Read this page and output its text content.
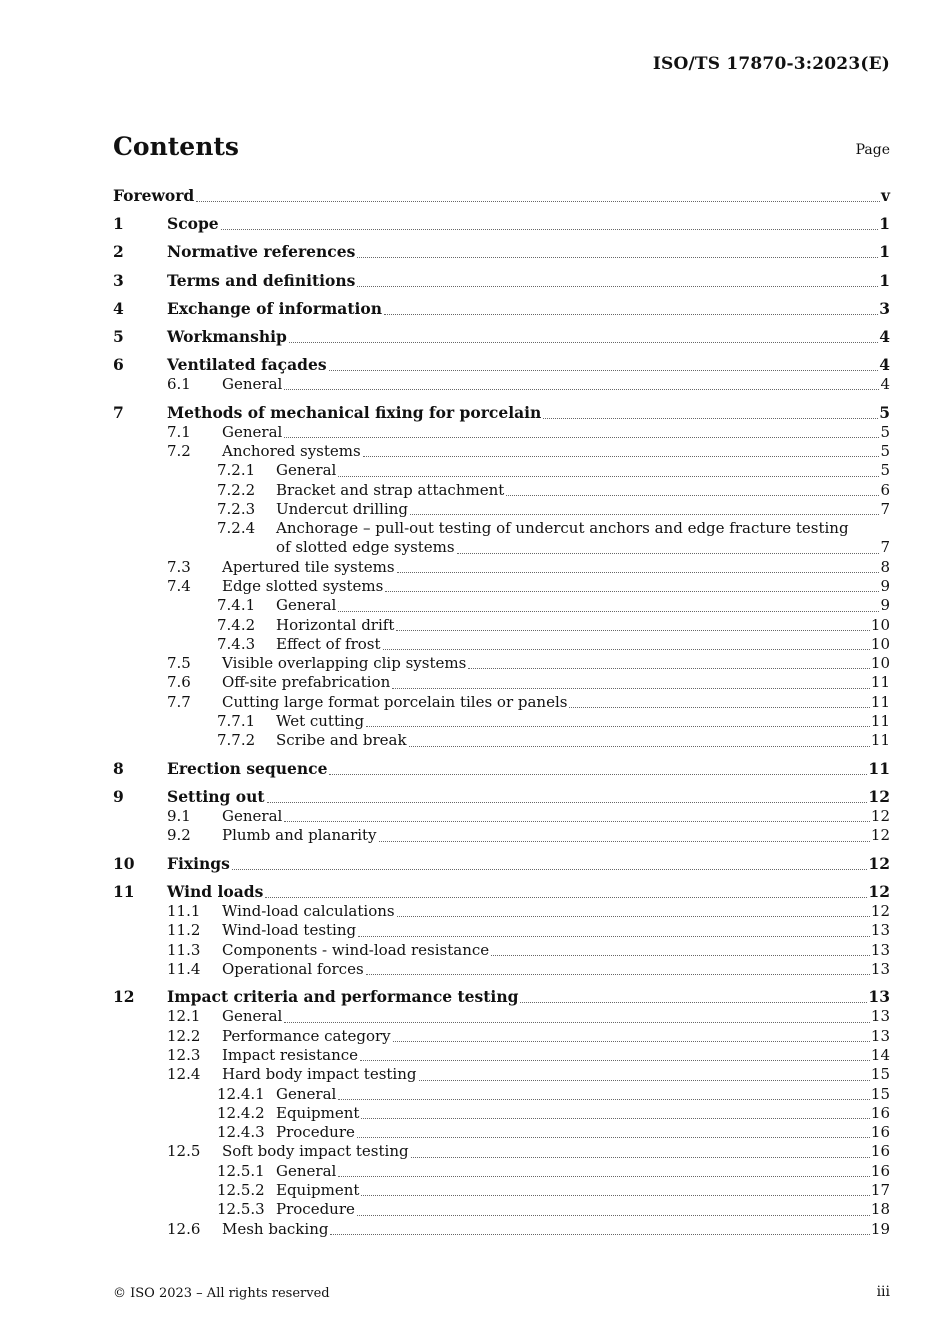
ISO/TS 17870-3:2023(E)
Contents	Page
Foreword	v
1	Scope	1
2	Normative references	1
3	Terms and definitions	1
4	Exchange of information	3
5	Workmanship	4
6	Ventilated façades	4
6.1	General	4
7	Methods of mechanical fixing for porcelain	5
7.1	General	5
7.2	Anchored systems	5
7.2.1	General	5
7.2.2	Bracket and strap attachment	6
7.2.3	Undercut drilling	7
7.2.4	Anchorage – pull-out testing of undercut anchors and edge fracture testing
of slotted edge systems	7
7.3	Apertured tile systems	8
7.4	Edge slotted systems	9
7.4.1	General	9
7.4.2	Horizontal drift	10
7.4.3	Effect of frost	10
7.5	Visible overlapping clip systems	10
7.6	Off-site prefabrication	11
7.7	Cutting large format porcelain tiles or panels	11
7.7.1	Wet cutting	11
7.7.2	Scribe and break	11
8	Erection sequence	11
9	Setting out	12
9.1	General	12
9.2	Plumb and planarity	12
10	Fixings	12
11	Wind loads	12
11.1	Wind-load calculations	12
11.2	Wind-load testing	13
11.3	Components - wind-load resistance	13
11.4	Operational forces	13
12	Impact criteria and performance testing	13
12.1	General	13
12.2	Performance category	13
12.3	Impact resistance	14
12.4	Hard body impact testing	15
12.4.1 General	15
12.4.2 Equipment	16
12.4.3 Procedure	16
12.5	Soft body impact testing	16
12.5.1 General	16
12.5.2 Equipment	17
12.5.3 Procedure	18
12.6	Mesh backing	19
© ISO 2023 – All rights reserved	iii
